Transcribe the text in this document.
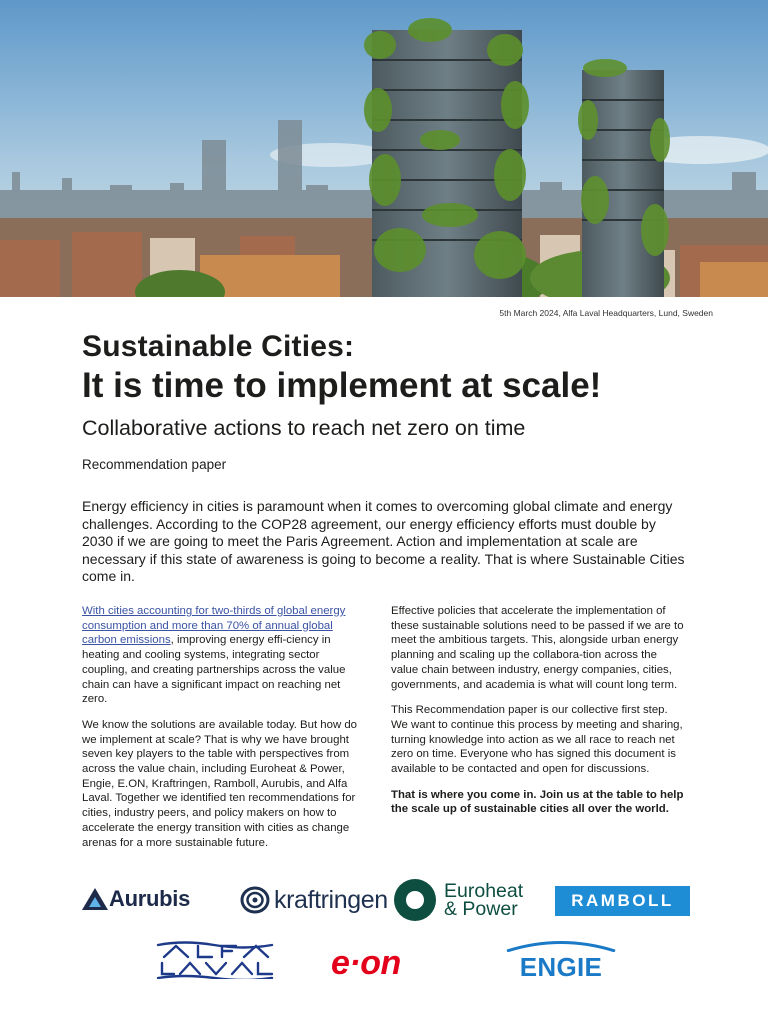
5th March 2024, Alfa Laval Headquarters, Lund, Sweden
Sustainable Cities:
It is time to implement at scale!
Collaborative actions to reach net zero on time
Recommendation paper

Energy efficiency in cities is paramount when it comes to overcoming global climate and energy challenges. According to the COP28 agreement, our energy efficiency efforts must double by 2030 if we are going to meet the Paris Agreement. Action and implementation at scale are necessary if this state of awareness is going to become a reality. That is where Sustainable Cities come in.

With cities accounting for two-thirds of global energy consumption and more than 70% of annual global carbon emissions, improving energy effi-ciency in heating and cooling systems, integrating sector coupling, and creating partnerships across the value chain can have a significant impact on reaching net zero.

We know the solutions are available today. But how do we implement at scale? That is why we have brought seven key players to the table with perspectives from across the value chain, including Euroheat & Power, Engie, E.ON, Kraftringen, Ramboll, Aurubis, and Alfa Laval. Together we identified ten recommendations for cities, industry peers, and policy makers on how to accelerate the energy transition with cities as change arenas for a more sustainable future.

Effective policies that accelerate the implementation of these sustainable solutions need to be passed if we are to meet the ambitious targets. This, alongside urban energy planning and scaling up the collabora-tion across the value chain between industry, energy companies, cities, governments, and academia is what will count long term.

This Recommendation paper is our collective first step. We want to continue this process by meeting and sharing, turning knowledge into action as we all race to reach net zero on time. Everyone who has signed this document is available to be contacted and open for discussions.

That is where you come in. Join us at the table to help the scale up of sustainable cities all over the world.

Aurubis	kraftringen	Euroheat
& Power	RAMBOLL
e·on	ENGIE
